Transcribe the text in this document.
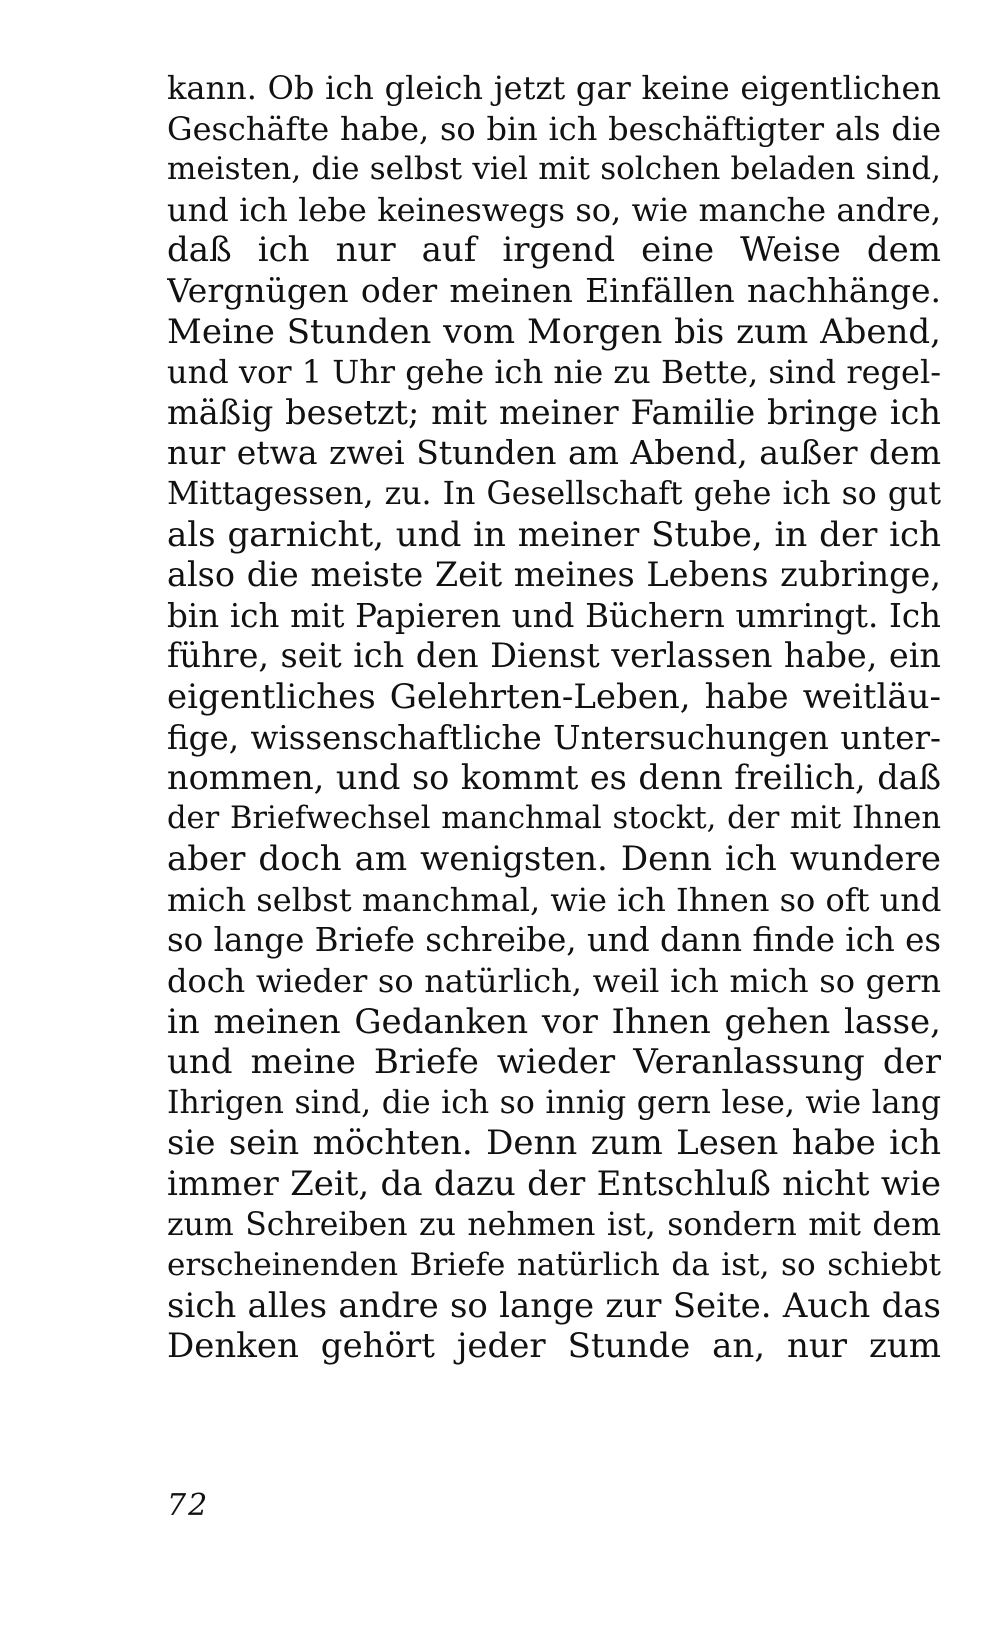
kann. Ob ich gleich jetzt gar keine eigentlichen
Geschäfte habe, so bin ich beschäftigter als die
meisten, die selbst viel mit solchen beladen sind,
und ich lebe keineswegs so, wie manche andre,
daß ich nur auf irgend eine Weise dem
Vergnügen oder meinen Einfällen nachhänge.
Meine Stunden vom Morgen bis zum Abend,
und vor 1 Uhr gehe ich nie zu Bette, sind regel-
mäßig besetzt; mit meiner Familie bringe ich
nur etwa zwei Stunden am Abend, außer dem
Mittagessen, zu. In Gesellschaft gehe ich so gut
als garnicht, und in meiner Stube, in der ich
also die meiste Zeit meines Lebens zubringe,
bin ich mit Papieren und Büchern umringt. Ich
führe, seit ich den Dienst verlassen habe, ein
eigentliches Gelehrten-Leben, habe weitläu-
fige, wissenschaftliche Untersuchungen unter-
nommen, und so kommt es denn freilich, daß
der Briefwechsel manchmal stockt, der mit Ihnen
aber doch am wenigsten. Denn ich wundere
mich selbst manchmal, wie ich Ihnen so oft und
so lange Briefe schreibe, und dann finde ich es
doch wieder so natürlich, weil ich mich so gern
in meinen Gedanken vor Ihnen gehen lasse,
und meine Briefe wieder Veranlassung der
Ihrigen sind, die ich so innig gern lese, wie lang
sie sein möchten. Denn zum Lesen habe ich
immer Zeit, da dazu der Entschluß nicht wie
zum Schreiben zu nehmen ist, sondern mit dem
erscheinenden Briefe natürlich da ist, so schiebt
sich alles andre so lange zur Seite. Auch das
Denken gehört jeder Stunde an, nur zum
72
